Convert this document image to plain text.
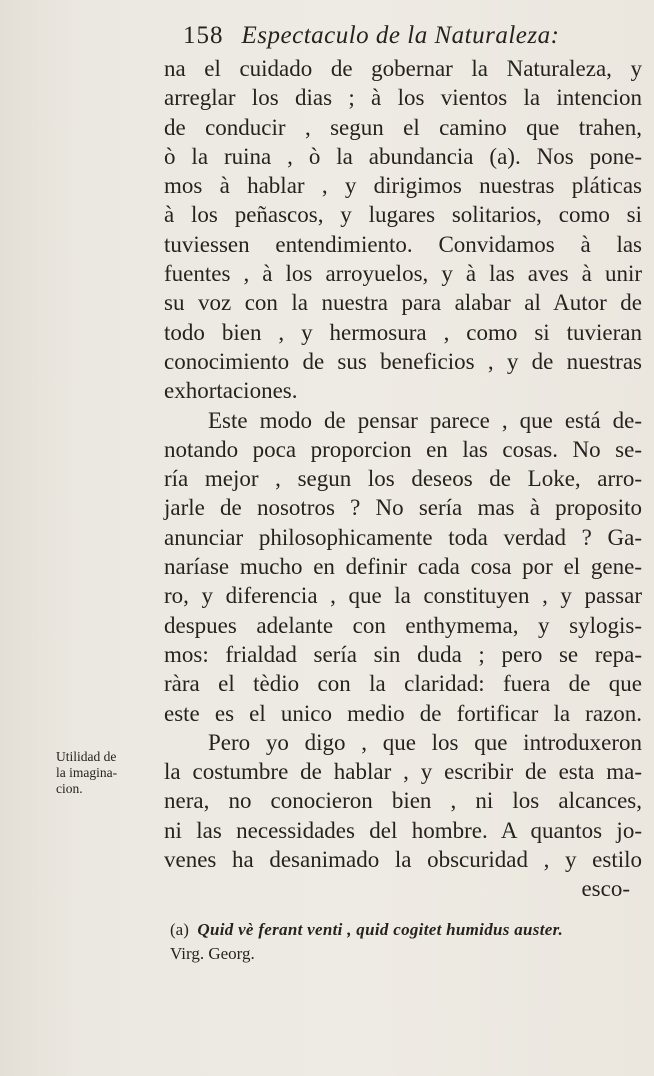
158 Espectaculo de la Naturaleza:
na el cuidado de gobernar la Naturaleza, y
arreglar los dias ; à los vientos la intencion
de conducir , segun el camino que trahen,
ò la ruina , ò la abundancia (a). Nos pone-
mos à hablar , y dirigimos nuestras pláticas
à los peñascos, y lugares solitarios, como si
tuviessen entendimiento. Convidamos à las
fuentes , à los arroyuelos, y à las aves à unir
su voz con la nuestra para alabar al Autor de
todo bien , y hermosura , como si tuvieran
conocimiento de sus beneficios , y de nuestras
exhortaciones.
Este modo de pensar parece , que está de-
notando poca proporcion en las cosas. No se-
ría mejor , segun los deseos de Loke, arro-
jarle de nosotros ? No sería mas à proposito
anunciar philosophicamente toda verdad ? Ga-
naríase mucho en definir cada cosa por el gene-
ro, y diferencia , que la constituyen , y passar
despues adelante con enthymema, y sylogis-
mos: frialdad sería sin duda ; pero se repa-
ràra el tèdio con la claridad: fuera de que
este es el unico medio de fortificar la razon.
Pero yo digo , que los que introduxeron
la costumbre de hablar , y escribir de esta ma-
nera, no conocieron bien , ni los alcances,
ni las necessidades del hombre. A quantos jo-
venes ha desanimado la obscuridad , y estilo
esco-
Utilidad de
la imagina-
cion.
(a) Quid vè ferant venti , quid cogitet humidus auster.
Virg. Georg.
